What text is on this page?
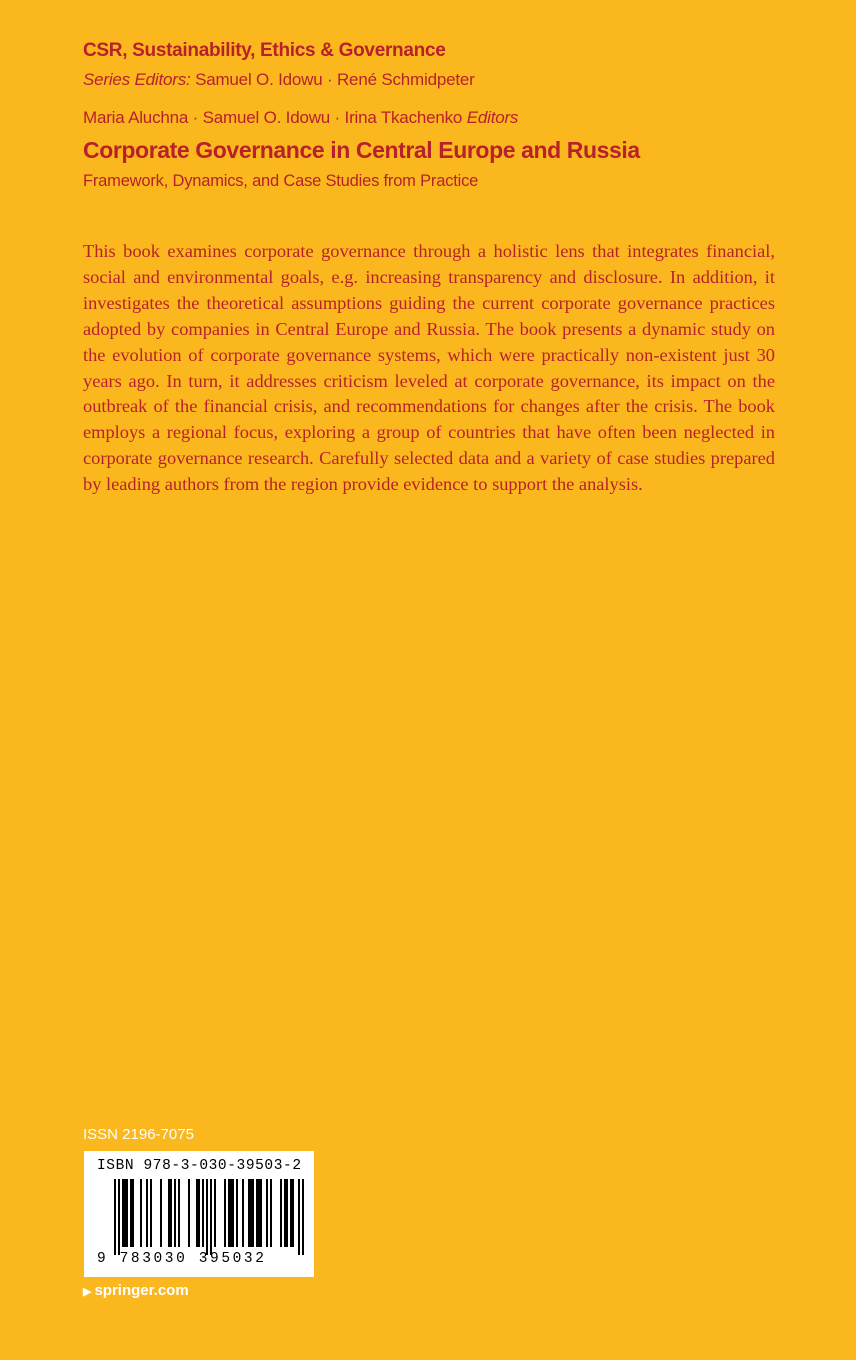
CSR, Sustainability, Ethics & Governance
Series Editors: Samuel O. Idowu · René Schmidpeter
Maria Aluchna · Samuel O. Idowu · Irina Tkachenko Editors
Corporate Governance in Central Europe and Russia
Framework, Dynamics, and Case Studies from Practice

This book examines corporate governance through a holistic lens that integrates financial, social and environmental goals, e.g. increasing transparency and disclosure. In addition, it investigates the theoretical assumptions guiding the current corporate governance practices adopted by companies in Central Europe and Russia. The book presents a dynamic study on the evolution of corporate governance systems, which were practically non-existent just 30 years ago. In turn, it addresses criticism leveled at corporate governance, its impact on the outbreak of the financial crisis, and recommendations for changes after the crisis. The book employs a regional focus, exploring a group of countries that have often been neglected in corporate governance research. Carefully selected data and a variety of case studies prepared by leading authors from the region provide evidence to support the analysis.

ISSN 2196-7075
ISBN 978-3-030-39503-2
9 783030 395032
▶ springer.com
